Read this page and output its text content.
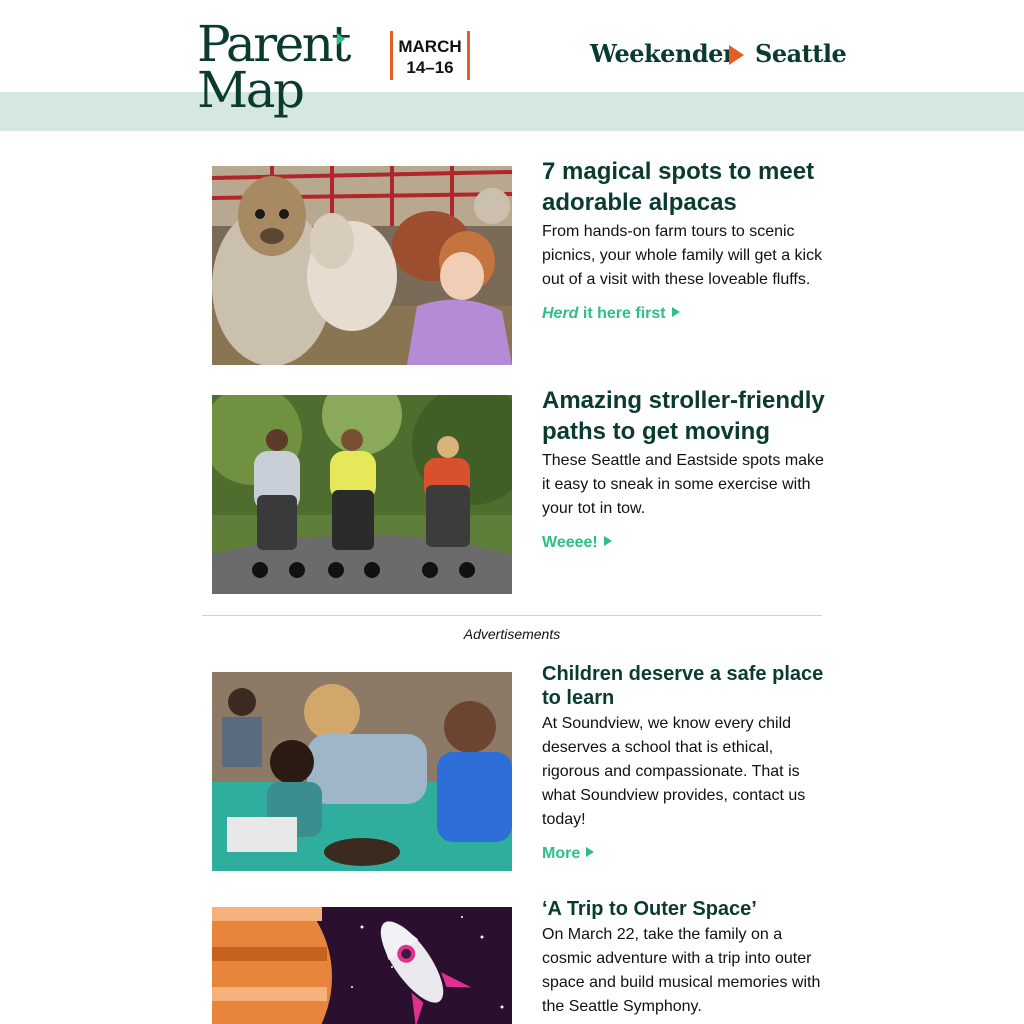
Parent
Map
MARCH
14–16	Weekender Seattle
7 magical spots to meet adorable alpacas

From hands-on farm tours to scenic picnics, your whole family will get a kick out of a visit with these loveable fluffs.

Herd it here first
Amazing stroller-friendly paths to get moving

These Seattle and Eastside spots make it easy to sneak in some exercise with your tot in tow.

Weeee!
Advertisements
Children deserve a safe place to learn

At Soundview, we know every child deserves a school that is ethical, rigorous and compassionate. That is what Soundview provides, contact us today!

More
‘A Trip to Outer Space’

On March 22, take the family on a cosmic adventure with a trip into outer space and build musical memories with the Seattle Symphony.
